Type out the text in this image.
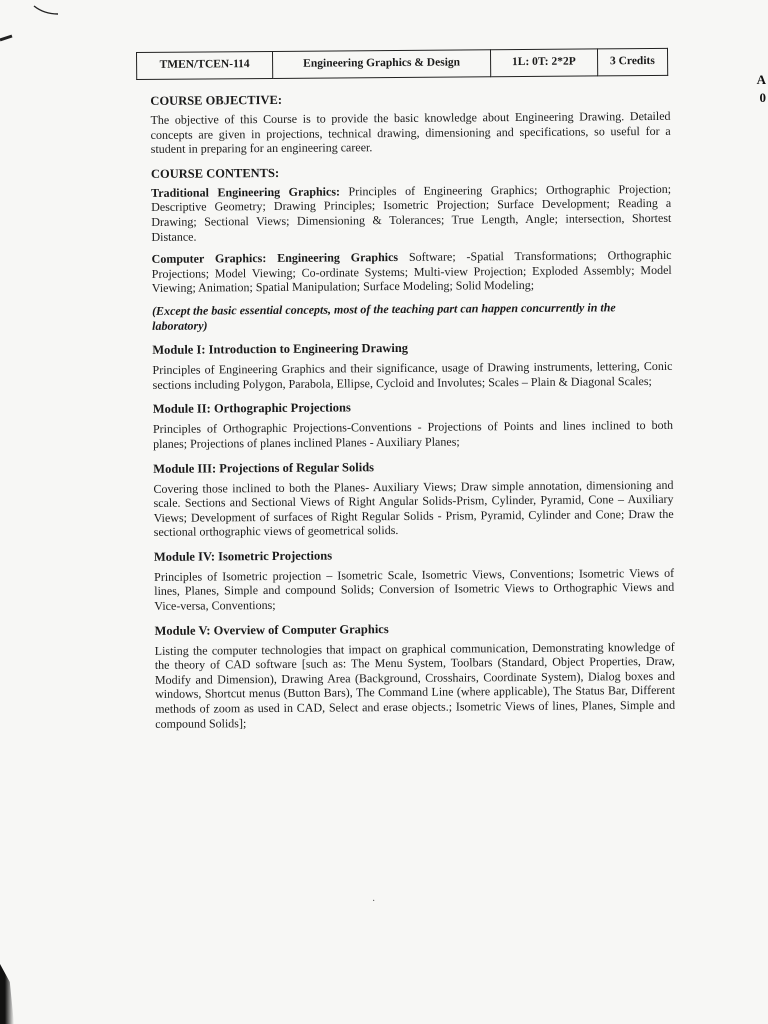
A
0
TMEN/TCEN-114	Engineering Graphics & Design	1L: 0T: 2*2P	3 Credits
COURSE OBJECTIVE:

The objective of this Course is to provide the basic knowledge about Engineering Drawing. Detailed concepts are given in projections, technical drawing, dimensioning and specifications, so useful for a student in preparing for an engineering career.

COURSE CONTENTS:

Traditional Engineering Graphics: Principles of Engineering Graphics; Orthographic Projection; Descriptive Geometry; Drawing Principles; Isometric Projection; Surface Development; Reading a Drawing; Sectional Views; Dimensioning & Tolerances; True Length, Angle; intersection, Shortest Distance.

Computer Graphics: Engineering Graphics Software; -Spatial Transformations; Orthographic Projections; Model Viewing; Co-ordinate Systems; Multi-view Projection; Exploded Assembly; Model Viewing; Animation; Spatial Manipulation; Surface Modeling; Solid Modeling;

(Except the basic essential concepts, most of the teaching part can happen concurrently in the laboratory)
Module I: Introduction to Engineering Drawing

Principles of Engineering Graphics and their significance, usage of Drawing instruments, lettering, Conic sections including Polygon, Parabola, Ellipse, Cycloid and Involutes; Scales – Plain & Diagonal Scales;

Module II: Orthographic Projections

Principles of Orthographic Projections-Conventions - Projections of Points and lines inclined to both planes; Projections of planes inclined Planes - Auxiliary Planes;

Module III: Projections of Regular Solids

Covering those inclined to both the Planes- Auxiliary Views; Draw simple annotation, dimensioning and scale. Sections and Sectional Views of Right Angular Solids-Prism, Cylinder, Pyramid, Cone – Auxiliary Views; Development of surfaces of Right Regular Solids - Prism, Pyramid, Cylinder and Cone; Draw the sectional orthographic views of geometrical solids.

Module IV: Isometric Projections

Principles of Isometric projection – Isometric Scale, Isometric Views, Conventions; Isometric Views of lines, Planes, Simple and compound Solids; Conversion of Isometric Views to Orthographic Views and Vice-versa, Conventions;

Module V: Overview of Computer Graphics

Listing the computer technologies that impact on graphical communication, Demonstrating knowledge of the theory of CAD software [such as: The Menu System, Toolbars (Standard, Object Properties, Draw, Modify and Dimension), Drawing Area (Background, Crosshairs, Coordinate System), Dialog boxes and windows, Shortcut menus (Button Bars), The Command Line (where applicable), The Status Bar, Different methods of zoom as used in CAD, Select and erase objects.; Isometric Views of lines, Planes, Simple and compound Solids];

·
